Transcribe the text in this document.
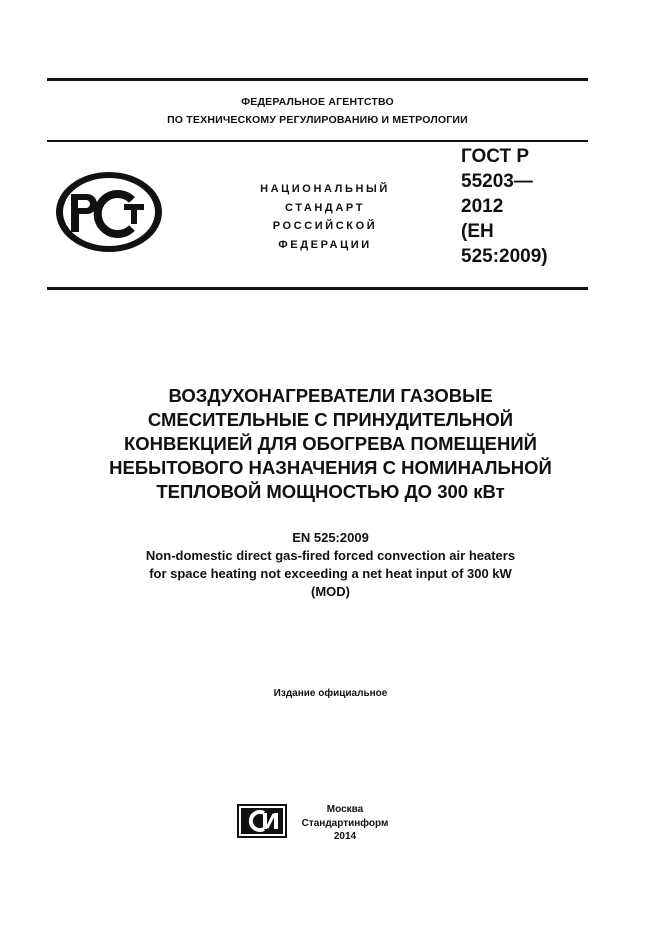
ФЕДЕРАЛЬНОЕ АГЕНТСТВО

ПО ТЕХНИЧЕСКОМУ РЕГУЛИРОВАНИЮ И МЕТРОЛОГИИ

НАЦИОНАЛЬНЫЙ
СТАНДАРТ
РОССИЙСКОЙ
ФЕДЕРАЦИИ
ГОСТ Р
55203—
2012
(ЕН
525:2009)
ВОЗДУХОНАГРЕВАТЕЛИ ГАЗОВЫЕ
СМЕСИТЕЛЬНЫЕ С ПРИНУДИТЕЛЬНОЙ
КОНВЕКЦИЕЙ ДЛЯ ОБОГРЕВА ПОМЕЩЕНИЙ
НЕБЫТОВОГО НАЗНАЧЕНИЯ С НОМИНАЛЬНОЙ
ТЕПЛОВОЙ МОЩНОСТЬЮ ДО 300 кВт
EN 525:2009
Non-domestic direct gas-fired forced convection air heaters
for space heating not exceeding a net heat input of 300 kW
(MOD)
Издание официальное
Москва
Стандартинформ
2014
